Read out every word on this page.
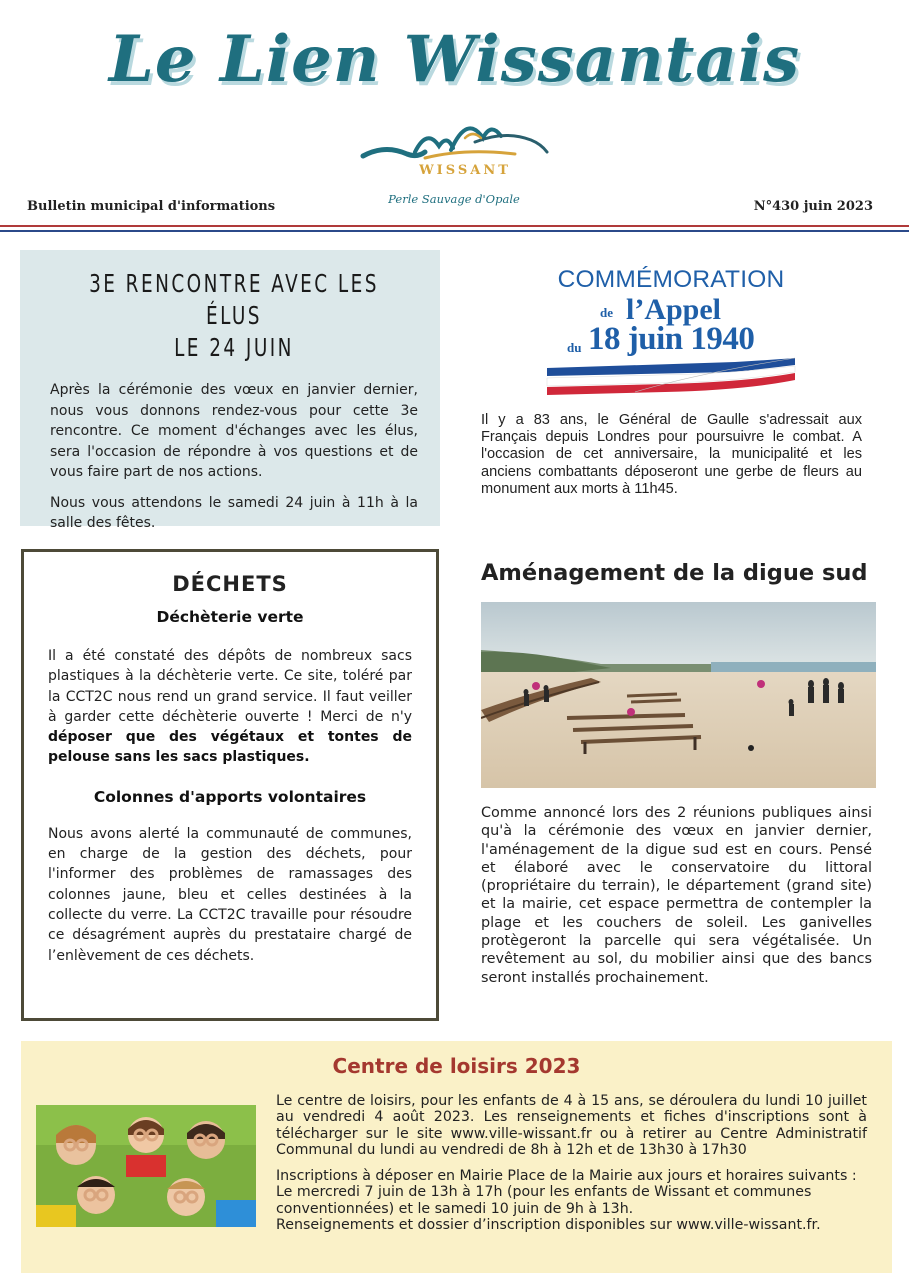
Le Lien Wissantais
WISSANT
Perle Sauvage d'Opale
Bulletin municipal d'informations	N°430 juin 2023
3E RENCONTRE AVEC LES ÉLUS
LE 24 JUIN

Après la cérémonie des vœux en janvier dernier, nous vous donnons rendez-vous pour cette 3e rencontre. Ce moment d'échanges avec les élus, sera l'occasion de répondre à vos questions et de vous faire part de nos actions.

Nous vous attendons le samedi 24 juin à 11h à la salle des fêtes.

COMMÉMORATION
de l’Appel
du 18 juin 1940

Il y a 83 ans, le Général de Gaulle s'adressait aux Français depuis Londres pour poursuivre le combat. A l'occasion de cet anniversaire, la municipalité et les anciens combattants déposeront une gerbe de fleurs au monument aux morts à 11h45.

DÉCHETS
Déchèterie verte

Il a été constaté des dépôts de nombreux sacs plastiques à la déchèterie verte. Ce site, toléré par la CCT2C nous rend un grand service. Il faut veiller à garder cette déchèterie ouverte ! Merci de n'y déposer que des végétaux et tontes de pelouse sans les sacs plastiques.

Colonnes d'apports volontaires

Nous avons alerté la communauté de communes, en charge de la gestion des déchets, pour l'informer des problèmes de ramassages des colonnes jaune, bleu et celles destinées à la collecte du verre. La CCT2C travaille pour résoudre ce désagrément auprès du prestataire chargé de l’enlèvement de ces déchets.

Aménagement de la digue sud

Comme annoncé lors des 2 réunions publiques ainsi qu'à la cérémonie des vœux en janvier dernier, l'aménagement de la digue sud est en cours. Pensé et élaboré avec le conservatoire du littoral (propriétaire du terrain), le département (grand site) et la mairie, cet espace permettra de contempler la plage et les couchers de soleil. Les ganivelles protègeront la parcelle qui sera végétalisée. Un revêtement au sol, du mobilier ainsi que des bancs seront installés prochainement.

Centre de loisirs 2023

Le centre de loisirs, pour les enfants de 4 à 15 ans, se déroulera du lundi 10 juillet au vendredi 4 août 2023. Les renseignements et fiches d'inscriptions sont à télécharger sur le site www.ville-wissant.fr ou à retirer au Centre Administratif Communal du lundi au vendredi de 8h à 12h et de 13h30 à 17h30

Inscriptions à déposer en Mairie Place de la Mairie aux jours et horaires suivants :
Le mercredi 7 juin de 13h à 17h (pour les enfants de Wissant et communes conventionnées) et le samedi 10 juin de 9h à 13h.
Renseignements et dossier d’inscription disponibles sur www.ville-wissant.fr.
